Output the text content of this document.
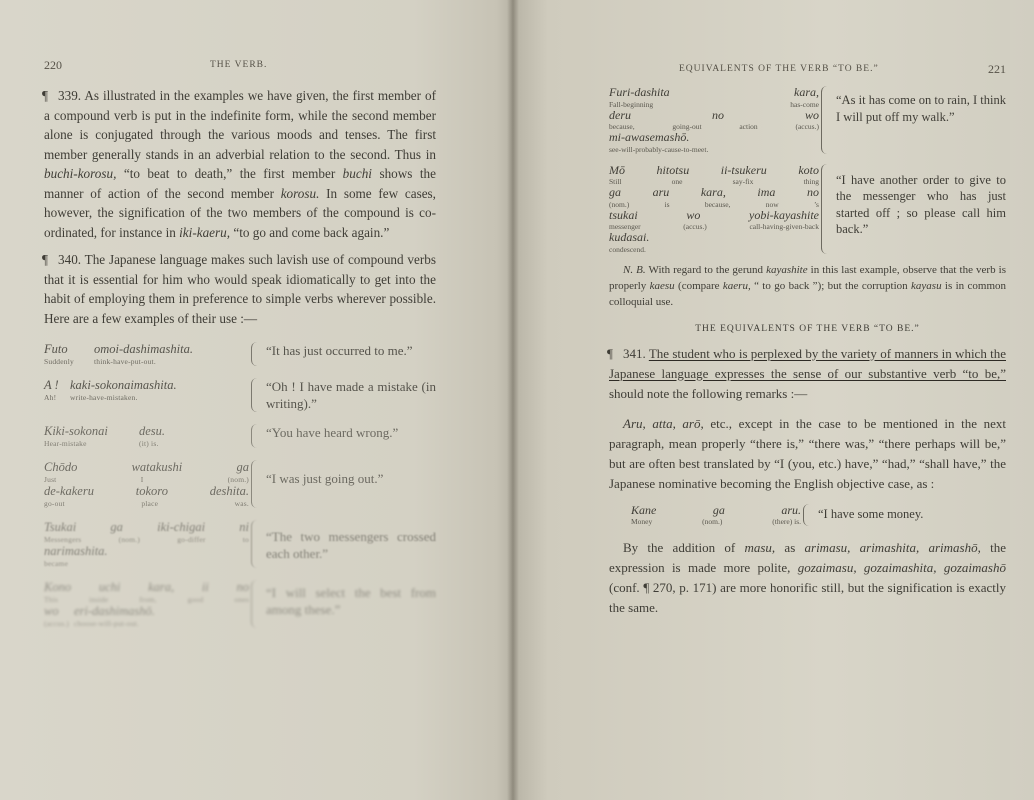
220	THE VERB.

¶ 339. As illustrated in the examples we have given, the first member of a compound verb is put in the indefinite form, while the second member alone is conjugated through the various moods and tenses. The first member generally stands in an adverbial relation to the second. Thus in buchi-korosu, “to beat to death,” the first member buchi shows the manner of action of the second member korosu. In some few cases, however, the signification of the two members of the compound is co-ordinated, for instance in iki-kaeru, “to go and come back again.”

¶ 340. The Japanese language makes such lavish use of compound verbs that it is essential for him who would speak idiomatically to get into the habit of employing them in preference to simple verbs wherever possible. Here are a few examples of their use :—

Futo	omoi-dashimashita.
Suddenly	think-have-put-out.
“It has just occurred to me.”
A ! kaki-sokonaimashita.
Ah!	write-have-mistaken.
“Oh ! I have made a mistake (in writing).”
Kiki-sokonai	desu.
Hear-mistake	(it) is.
“You have heard wrong.”
Chōdo	watakushi	ga
Just	I	(nom.)
de-kakeru	tokoro	deshita.
go-out	place	was.
“I was just going out.”
Tsukai	ga	iki-chigai	ni
Messengers	(nom.)	go-differ	to
narimashita.
became
“The two messengers crossed each other.”
Kono uchi kara, ii no
This	inside	from,	good	ones
wo	eri-dashimashō.
(accus.) choose-will-put-out.
“I will select the best from among these.”
EQUIVALENTS OF THE VERB “TO BE.”	221
Furi-dashita	kara,
Fall-beginning	has-come
deru	no	wo
because,	going-out	action	(accus.)
mi-awasemashō.
see-will-probably-cause-to-meet.
“As it has come on to rain, I think I will put off my walk.”
Mō	hitotsu	ii-tsukeru	koto
Still	one	say-fix	thing
ga	aru	kara,	ima	no
(nom.)	is	because,	now	’s
tsukai	wo	yobi-kayashite
messenger	(accus.)	call-having-given-back
kudasai.
condescend.
“I have another order to give to the messenger who has just started off ; so please call him back.”

N. B. With regard to the gerund kayashite in this last example, observe that the verb is properly kaesu (compare kaeru, “ to go back ”); but the corruption kayasu is in common colloquial use.

THE EQUIVALENTS OF THE VERB “TO BE.”

¶ 341. The student who is perplexed by the variety of manners in which the Japanese language expresses the sense of our substantive verb “to be,” should note the following remarks :—

Aru, atta, arō, etc., except in the case to be mentioned in the next paragraph, mean properly “there is,” “there was,” “there perhaps will be,” but are often best translated by “I (you, etc.) have,” “had,” “shall have,” the Japanese nominative becoming the English objective case, as :

Kane	ga	aru.
Money	(nom.)	(there) is.
“I have some money.

By the addition of masu, as arimasu, arimashita, arimashō, the expression is made more polite, gozaimasu, gozaimashita, gozaimashō (conf. ¶ 270, p. 171) are more honorific still, but the signification is exactly the same.
